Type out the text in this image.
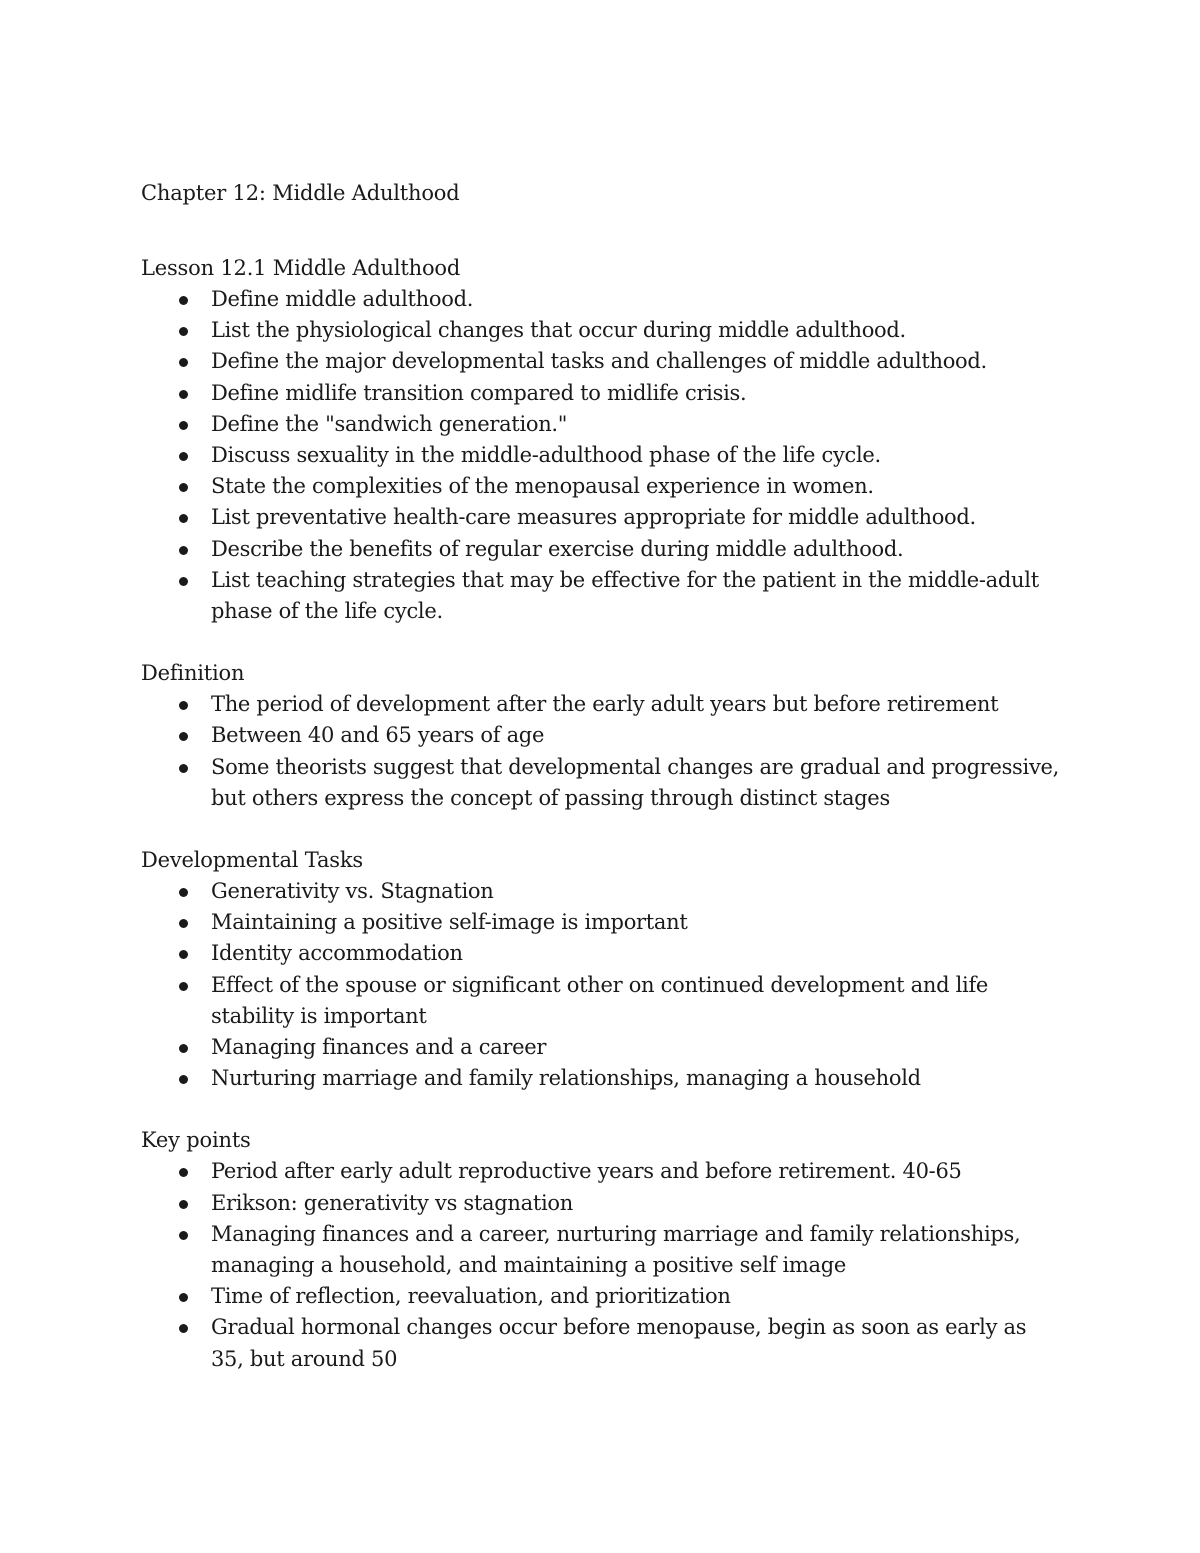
Chapter 12: Middle Adulthood
Lesson 12.1 Middle Adulthood
Define middle adulthood.
List the physiological changes that occur during middle adulthood.
Define the major developmental tasks and challenges of middle adulthood.
Define midlife transition compared to midlife crisis.
Define the "sandwich generation."
Discuss sexuality in the middle-adulthood phase of the life cycle.
State the complexities of the menopausal experience in women.
List preventative health-care measures appropriate for middle adulthood.
Describe the benefits of regular exercise during middle adulthood.
List teaching strategies that may be effective for the patient in the middle-adult phase of the life cycle.
Definition
The period of development after the early adult years but before retirement
Between 40 and 65 years of age
Some theorists suggest that developmental changes are gradual and progressive, but others express the concept of passing through distinct stages
Developmental Tasks
Generativity vs. Stagnation
Maintaining a positive self-image is important
Identity accommodation
Effect of the spouse or significant other on continued development and life stability is important
Managing finances and a career
Nurturing marriage and family relationships, managing a household
Key points
Period after early adult reproductive years and before retirement. 40-65
Erikson: generativity vs stagnation
Managing finances and a career, nurturing marriage and family relationships, managing a household, and maintaining a positive self image
Time of reflection, reevaluation, and prioritization
Gradual hormonal changes occur before menopause, begin as soon as early as 35, but around 50
